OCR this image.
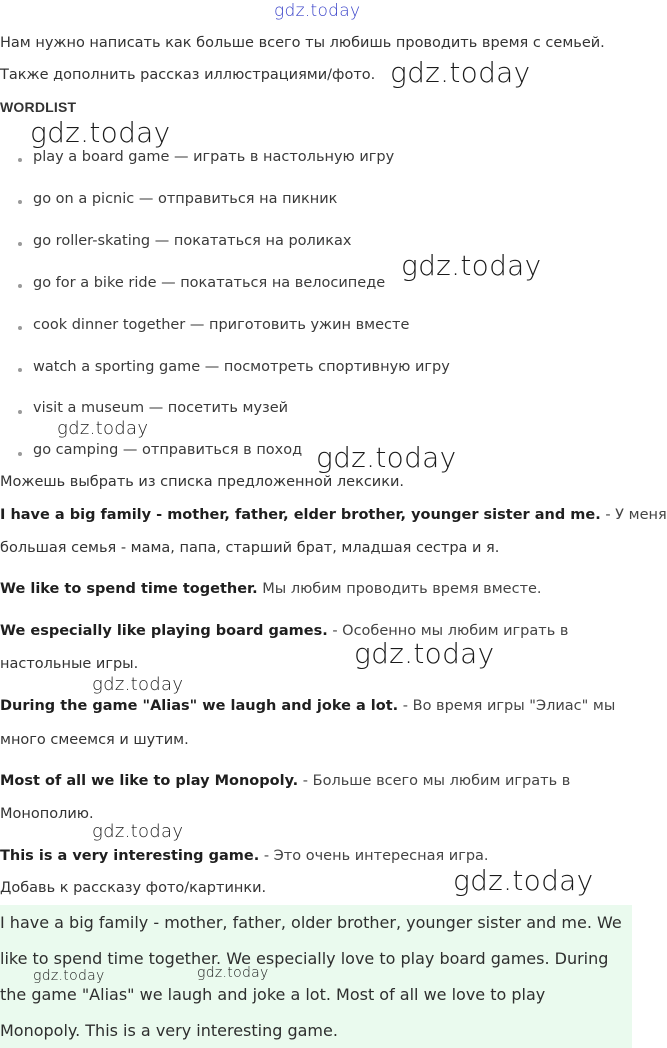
gdz.today
Нам нужно написать как больше всего ты любишь проводить время с семьей.
Также дополнить рассказ иллюстрациями/фото. gdz.today
WORDLIST
gdz.today
play a board game — играть в настольную игру
go on a picnic — отправиться на пикник
go roller-skating — покататься на роликах
go for a bike ride — покататься на велосипеде
cook dinner together — приготовить ужин вместе
watch a sporting game — посмотреть спортивную игру
visit a museum — посетить музей
go camping — отправиться в поход
gdz.today
gdz.today
gdz.today
Можешь выбрать из списка предложенной лексики.
I have a big family - mother, father, elder brother, younger sister and me. - У меня
большая семья - мама, папа, старший брат, младшая сестра и я.
We like to spend time together. Мы любим проводить время вместе.
We especially like playing board games. - Особенно мы любим играть в
настольные игры.	gdz.today
gdz.today
During the game "Alias" we laugh and joke a lot. - Во время игры "Элиас" мы
много смеемся и шутим.
Most of all we like to play Monopoly. - Больше всего мы любим играть в
Монополию.
gdz.today
This is a very interesting game. - Это очень интересная игра.
Добавь к рассказу фото/картинки.	gdz.today
I have a big family - mother, father, older brother, younger sister and me. We
like to spend time together. We especially love to play board games. During
the game "Alias" we laugh and joke a lot. Most of all we love to play
Monopoly. This is a very interesting game.
gdz.today	gdz.today
